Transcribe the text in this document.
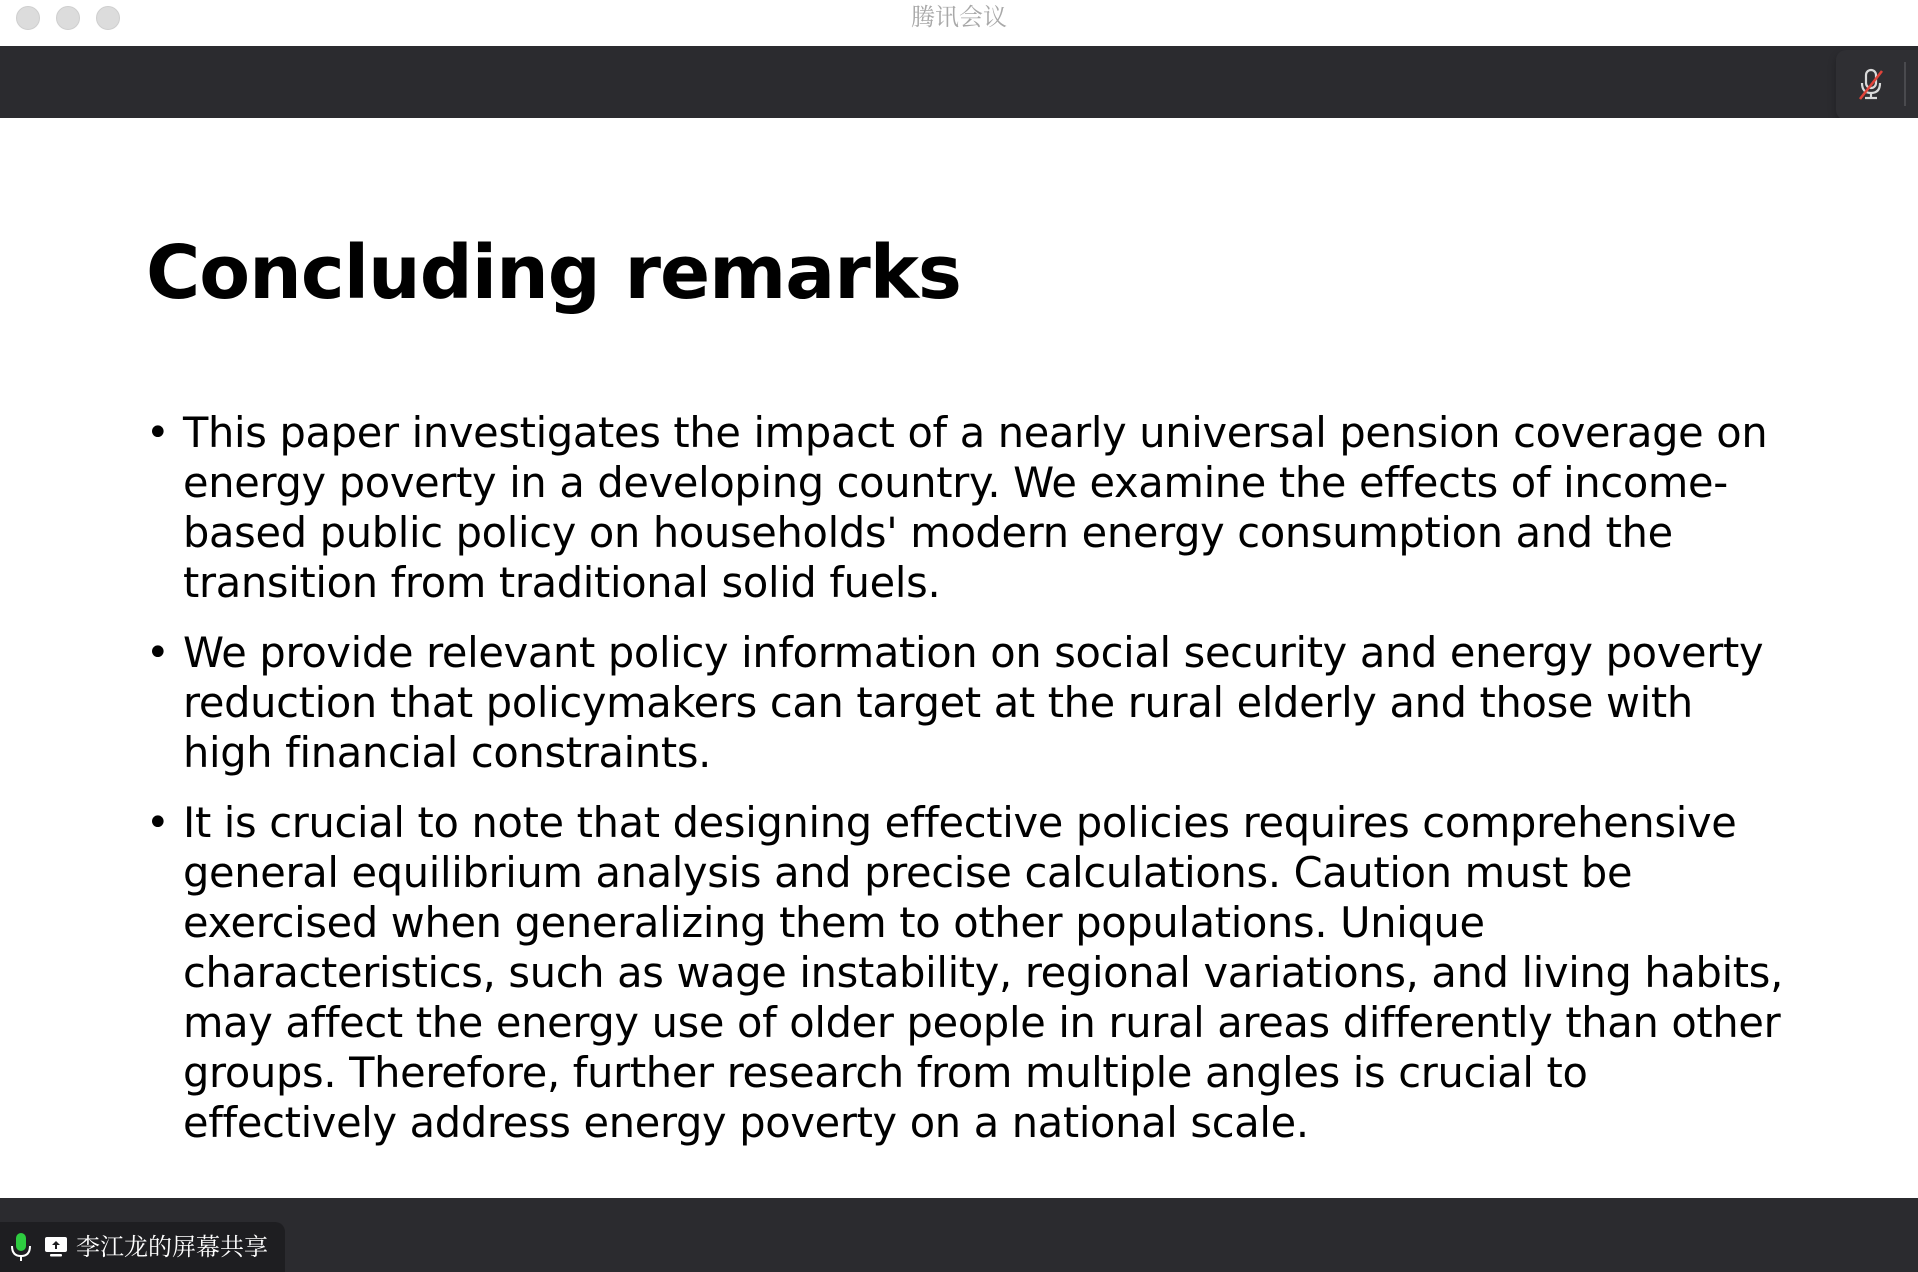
腾讯会议
Concluding remarks
• This paper investigates the impact of a nearly universal pension coverage on energy poverty in a developing country. We examine the effects of income-based public policy on households' modern energy consumption and the transition from traditional solid fuels.
• We provide relevant policy information on social security and energy poverty reduction that policymakers can target at the rural elderly and those with high financial constraints.
• It is crucial to note that designing effective policies requires comprehensive general equilibrium analysis and precise calculations. Caution must be exercised when generalizing them to other populations. Unique characteristics, such as wage instability, regional variations, and living habits, may affect the energy use of older people in rural areas differently than other groups. Therefore, further research from multiple angles is crucial to effectively address energy poverty on a national scale.
李江龙的屏幕共享
